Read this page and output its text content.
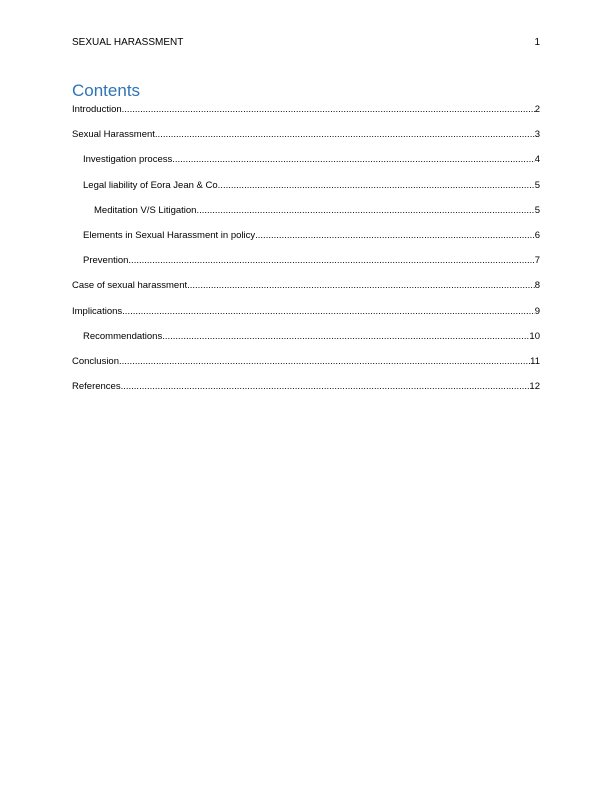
SEXUAL HARASSMENT	1
Contents
Introduction .....	2
Sexual Harassment .....	3
Investigation process .....	4
Legal liability of Eora Jean & Co .....	5
Meditation V/S Litigation .....	5
Elements in Sexual Harassment in policy .....	6
Prevention .....	7
Case of sexual harassment .....	8
Implications .....	9
Recommendations .....	10
Conclusion .....	11
References .....	12
